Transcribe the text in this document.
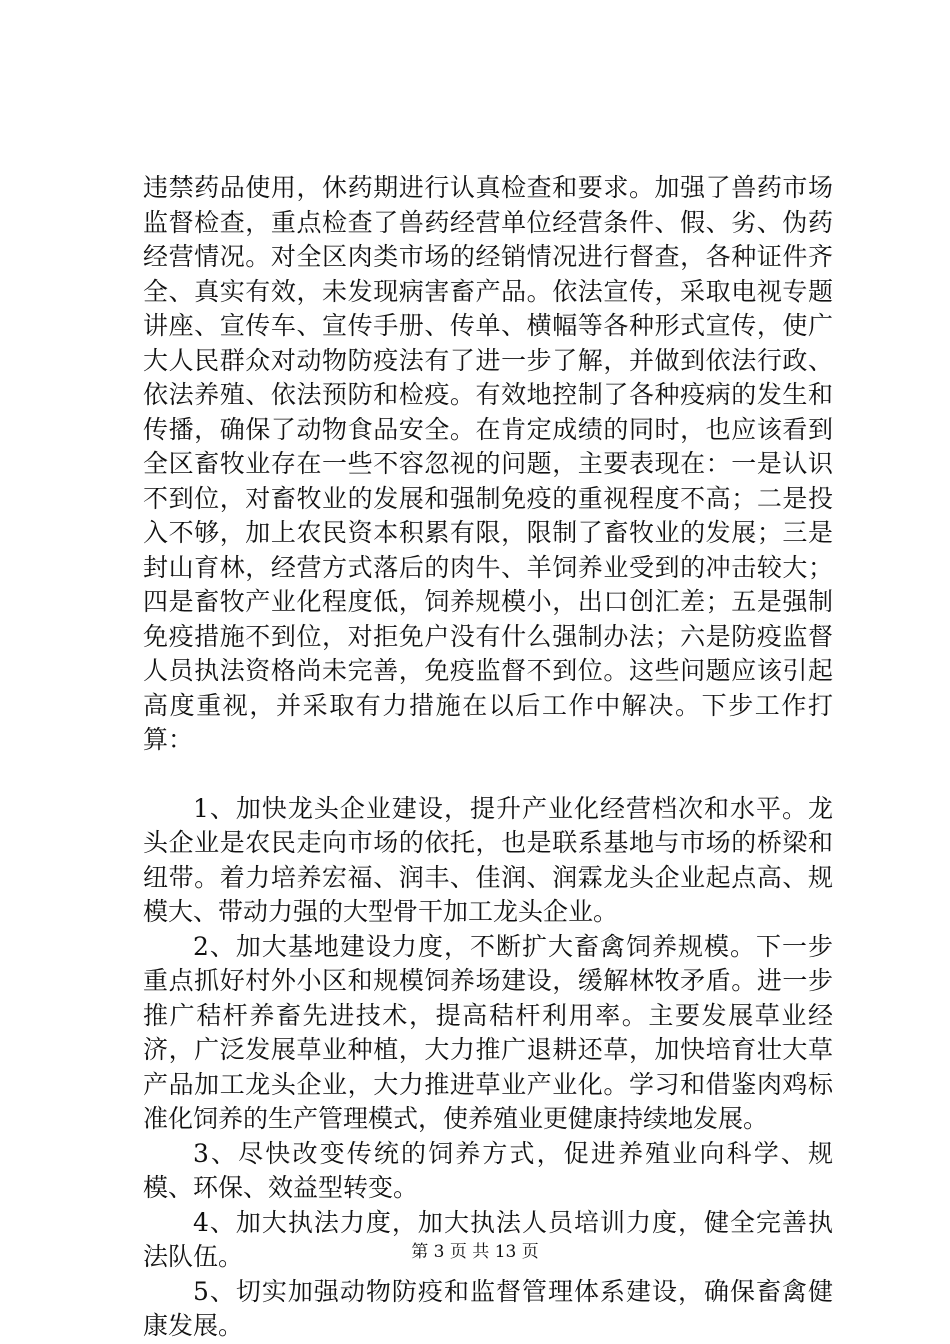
违禁药品使用，休药期进行认真检查和要求。加强了兽药市场监督检查，重点检查了兽药经营单位经营条件、假、劣、伪药经营情况。对全区肉类市场的经销情况进行督查，各种证件齐全、真实有效，未发现病害畜产品。依法宣传，采取电视专题讲座、宣传车、宣传手册、传单、横幅等各种形式宣传，使广大人民群众对动物防疫法有了进一步了解，并做到依法行政、依法养殖、依法预防和检疫。有效地控制了各种疫病的发生和传播，确保了动物食品安全。在肯定成绩的同时，也应该看到全区畜牧业存在一些不容忽视的问题，主要表现在：一是认识不到位，对畜牧业的发展和强制免疫的重视程度不高；二是投入不够，加上农民资本积累有限，限制了畜牧业的发展；三是封山育林，经营方式落后的肉牛、羊饲养业受到的冲击较大；四是畜牧产业化程度低，饲养规模小，出口创汇差；五是强制免疫措施不到位，对拒免户没有什么强制办法；六是防疫监督人员执法资格尚未完善，免疫监督不到位。这些问题应该引起高度重视，并采取有力措施在以后工作中解决。下步工作打算：

1、加快龙头企业建设，提升产业化经营档次和水平。龙头企业是农民走向市场的依托，也是联系基地与市场的桥梁和纽带。着力培养宏福、润丰、佳润、润霖龙头企业起点高、规模大、带动力强的大型骨干加工龙头企业。

2、加大基地建设力度，不断扩大畜禽饲养规模。下一步重点抓好村外小区和规模饲养场建设，缓解林牧矛盾。进一步推广秸杆养畜先进技术，提高秸杆利用率。主要发展草业经济，广泛发展草业种植，大力推广退耕还草，加快培育壮大草产品加工龙头企业，大力推进草业产业化。学习和借鉴肉鸡标准化饲养的生产管理模式，使养殖业更健康持续地发展。

3、尽快改变传统的饲养方式，促进养殖业向科学、规模、环保、效益型转变。

4、加大执法力度，加大执法人员培训力度，健全完善执法队伍。

5、切实加强动物防疫和监督管理体系建设，确保畜禽健康发展。

第 3 页 共 13 页
